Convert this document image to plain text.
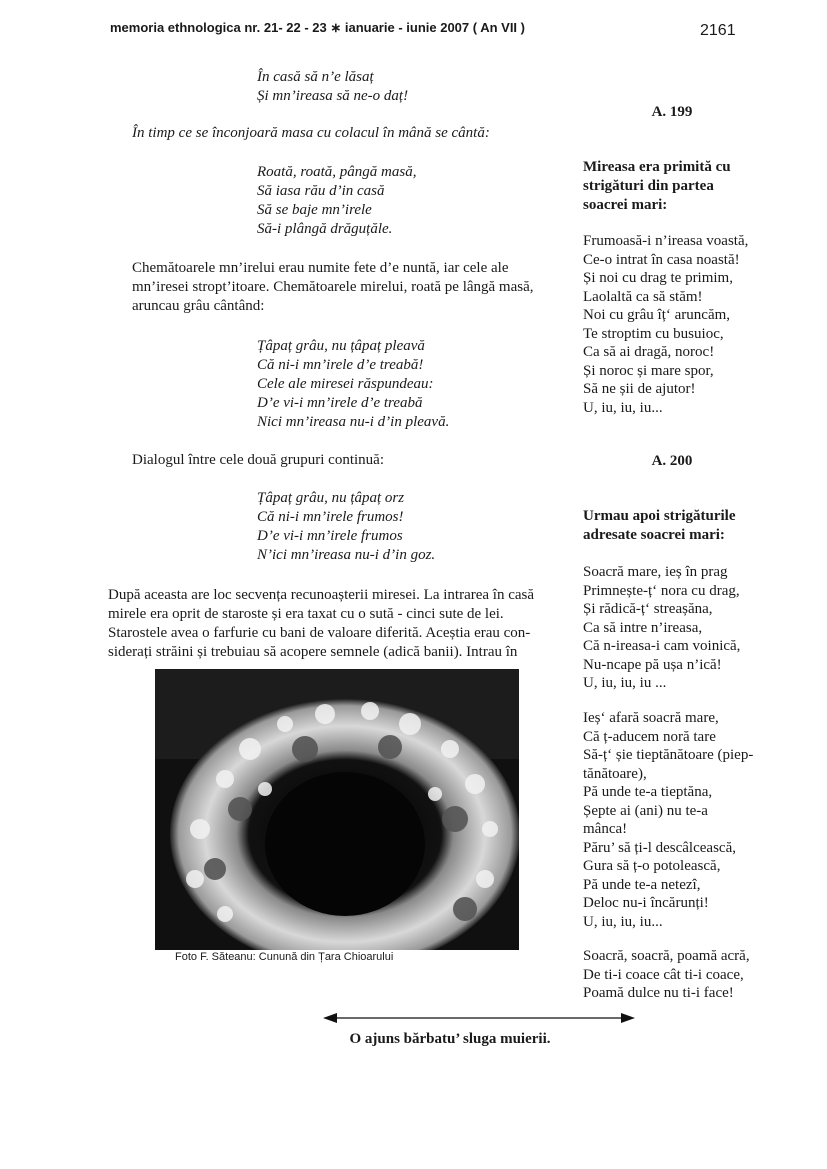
memoria ethnologica nr. 21- 22 - 23 ∗ ianuarie - iunie 2007 ( An VII )	2161
În casă să n’e lăsaț
Și mn’ireasa să ne-o daț!
În timp ce se înconjoară masa cu colacul în mână se cântă:
Roată, roată, pângă masă,
Să iasa rău d’in casă
Să se baje mn’irele
Să-i plângă drăguțăle.
Chemătoarele mn’irelui erau numite fete d’e nuntă, iar cele ale
mn’iresei stropt’itoare. Chemătoarele mirelui, roată pe lângă masă,
aruncau grâu cântând:
Țâpaț grâu, nu țâpaț pleavă
Că ni-i mn’irele d’e treabă!
Cele ale miresei răspundeau:
D’e vi-i mn’irele d’e treabă
Nici mn’ireasa nu-i d’in pleavă.
Dialogul între cele două grupuri continuă:
Țâpaț grâu, nu țâpaț orz
Că ni-i mn’irele frumos!
D’e vi-i mn’irele frumos
N’ici mn’ireasa nu-i d’in goz.
După aceasta are loc secvența recunoașterii miresei. La intrarea în casă
mirele era oprit de staroste și era taxat cu o sută - cinci sute de lei.
Starostele avea o farfurie cu bani de valoare diferită. Aceștia erau con-
siderați străini și trebuiau să acopere semnele (adică banii). Intrau în
Foto F. Săteanu: Cunună din Țara Chioarului
A. 199
Mireasa era primită cu
strigături din partea
soacrei mari:
Frumoasă-i n’ireasa voastă,
Ce-o intrat în casa noastă!
Și noi cu drag te primim,
Laolaltă ca să stăm!
Noi cu grâu îț‘ aruncăm,
Te stroptim cu busuioc,
Ca să ai dragă, noroc!
Și noroc și mare spor,
Să ne șii de ajutor!
U, iu, iu, iu...
A. 200
Urmau apoi strigăturile
adresate soacrei mari:
Soacră mare, ieș în prag
Primnește-ț‘ nora cu drag,
Și rădică-ț‘ streașăna,
Ca să intre n’ireasa,
Că n-ireasa-i cam voinică,
Nu-ncape pă ușa n’ică!
U, iu, iu, iu ...
Ieș‘ afară soacră mare,
Că ț-aducem noră tare
Să-ț‘ șie tieptănătoare (piep-
tănătoare),
Pă unde te-a tieptăna,
Șepte ai (ani) nu te-a
mânca!
Păru’ să ți-l descâlcească,
Gura să ț-o potolească,
Pă unde te-a netezî,
Deloc nu-i încărunți!
U, iu, iu, iu...
Soacră, soacră, poamă acră,
De ti-i coace cât ti-i coace,
Poamă dulce nu ti-i face!
O ajuns bărbatu’ sluga muierii.
